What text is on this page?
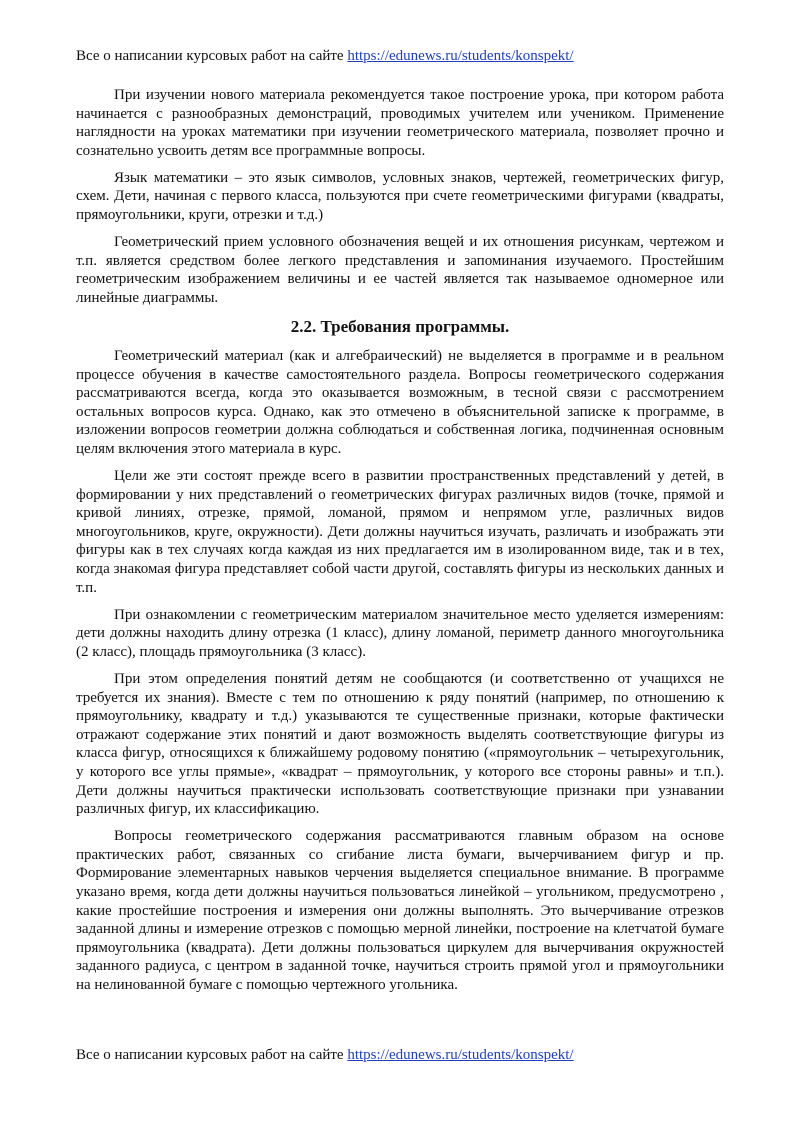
Все о написании курсовых работ на сайте https://edunews.ru/students/konspekt/

При изучении нового материала рекомендуется такое построение урока, при котором работа начинается с разнообразных демонстраций, проводимых учителем или учеником. Применение наглядности на уроках математики при изучении геометрического материала, позволяет прочно и сознательно усвоить детям все программные вопросы.

Язык математики – это язык символов, условных знаков, чертежей, геометрических фигур, схем. Дети, начиная с первого класса, пользуются при счете геометрическими фигурами (квадраты, прямоугольники, круги, отрезки и т.д.)

Геометрический прием условного обозначения вещей и их отношения рисункам, чертежом и т.п. является средством более легкого представления и запоминания изучаемого. Простейшим геометрическим изображением величины и ее частей является так называемое одномерное или линейные диаграммы.

2.2. Требования программы.

Геометрический материал (как и алгебраический) не выделяется в программе и в реальном процессе обучения в качестве самостоятельного раздела. Вопросы геометрического содержания рассматриваются всегда, когда это оказывается возможным, в тесной связи с рассмотрением остальных вопросов курса. Однако, как это отмечено в объяснительной записке к программе, в изложении вопросов геометрии должна соблюдаться и собственная логика, подчиненная основным целям включения этого материала в курс.

Цели же эти состоят прежде всего в развитии пространственных представлений у детей, в формировании у них представлений о геометрических фигурах различных видов (точке, прямой и кривой линиях, отрезке, прямой, ломаной, прямом и непрямом угле, различных видов многоугольников, круге, окружности). Дети должны научиться изучать, различать и изображать эти фигуры как в тех случаях когда каждая из них предлагается им в изолированном виде, так и в тех, когда знакомая фигура представляет собой части другой, составлять фигуры из нескольких данных и т.п.

При ознакомлении с геометрическим материалом значительное место уделяется измерениям: дети должны находить длину отрезка (1 класс), длину ломаной, периметр данного многоугольника (2 класс), площадь прямоугольника (3 класс).

При этом определения понятий детям не сообщаются (и соответственно от учащихся не требуется их знания). Вместе с тем по отношению к ряду понятий (например, по отношению к прямоугольнику, квадрату и т.д.) указываются те существенные признаки, которые фактически отражают содержание этих понятий и дают возможность выделять соответствующие фигуры из класса фигур, относящихся к ближайшему родовому понятию («прямоугольник – четырехугольник, у которого все углы прямые», «квадрат – прямоугольник, у которого все стороны равны» и т.п.). Дети должны научиться практически использовать соответствующие признаки при узнавании различных фигур, их классификацию.

Вопросы геометрического содержания рассматриваются главным образом на основе практических работ, связанных со сгибание листа бумаги, вычерчиванием фигур и пр. Формирование элементарных навыков черчения выделяется специальное внимание. В программе указано время, когда дети должны научиться пользоваться линейкой – угольником, предусмотрено , какие простейшие построения и измерения они должны выполнять. Это вычерчивание отрезков заданной длины и измерение отрезков с помощью мерной линейки, построение на клетчатой бумаге прямоугольника (квадрата). Дети должны пользоваться циркулем для вычерчивания окружностей заданного радиуса, с центром в заданной точке, научиться строить прямой угол и прямоугольники на нелинованной бумаге с помощью чертежного угольника.

Все о написании курсовых работ на сайте https://edunews.ru/students/konspekt/
